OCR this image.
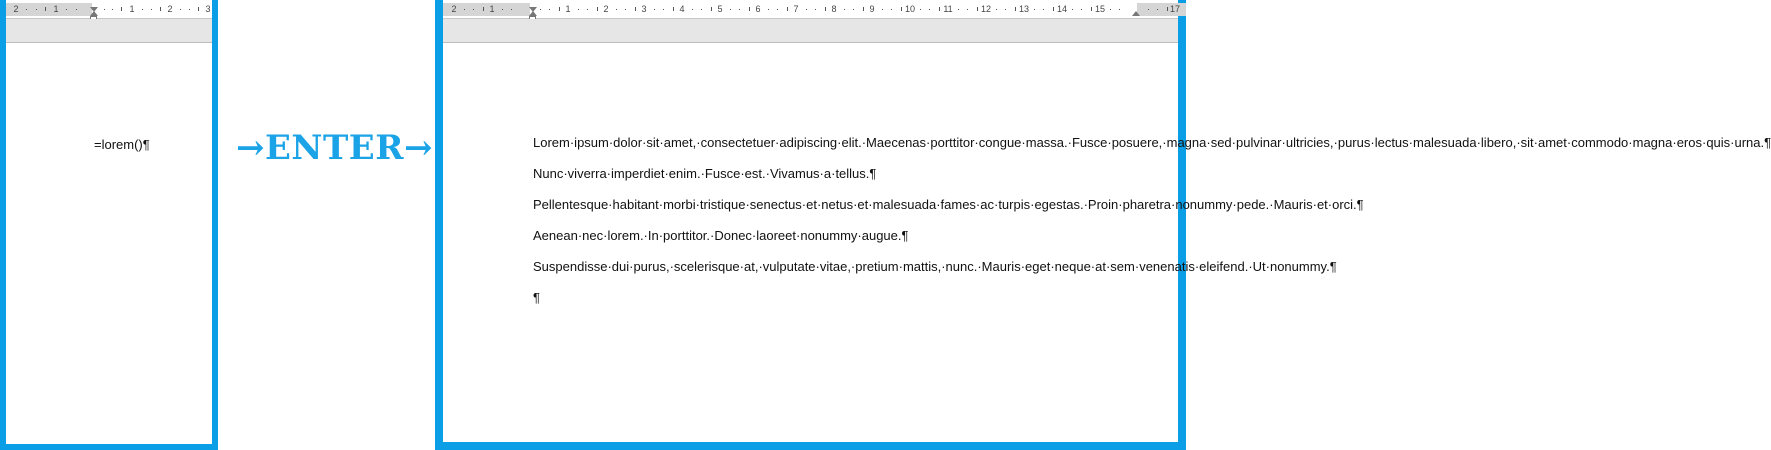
2	1	1	2	3
=lorem()¶	→ENTER→
2	1	1	2	3	4	5	6	7	8	9	10	11	12	13	14	15	17

Lorem·ipsum·dolor·sit·amet,·consectetuer·adipiscing·elit.·Maecenas·porttitor·congue·massa.·Fusce·posuere,·magna·sed·pulvinar·ultricies,·purus·lectus·malesuada·libero,·sit·amet·commodo·magna·eros·quis·urna.¶

Nunc·viverra·imperdiet·enim.·Fusce·est.·Vivamus·a·tellus.¶

Pellentesque·habitant·morbi·tristique·senectus·et·netus·et·malesuada·fames·ac·turpis·egestas.·Proin·pharetra·nonummy·pede.·Mauris·et·orci.¶

Aenean·nec·lorem.·In·porttitor.·Donec·laoreet·nonummy·augue.¶

Suspendisse·dui·purus,·scelerisque·at,·vulputate·vitae,·pretium·mattis,·nunc.·Mauris·eget·neque·at·sem·venenatis·eleifend.·Ut·nonummy.¶

¶
